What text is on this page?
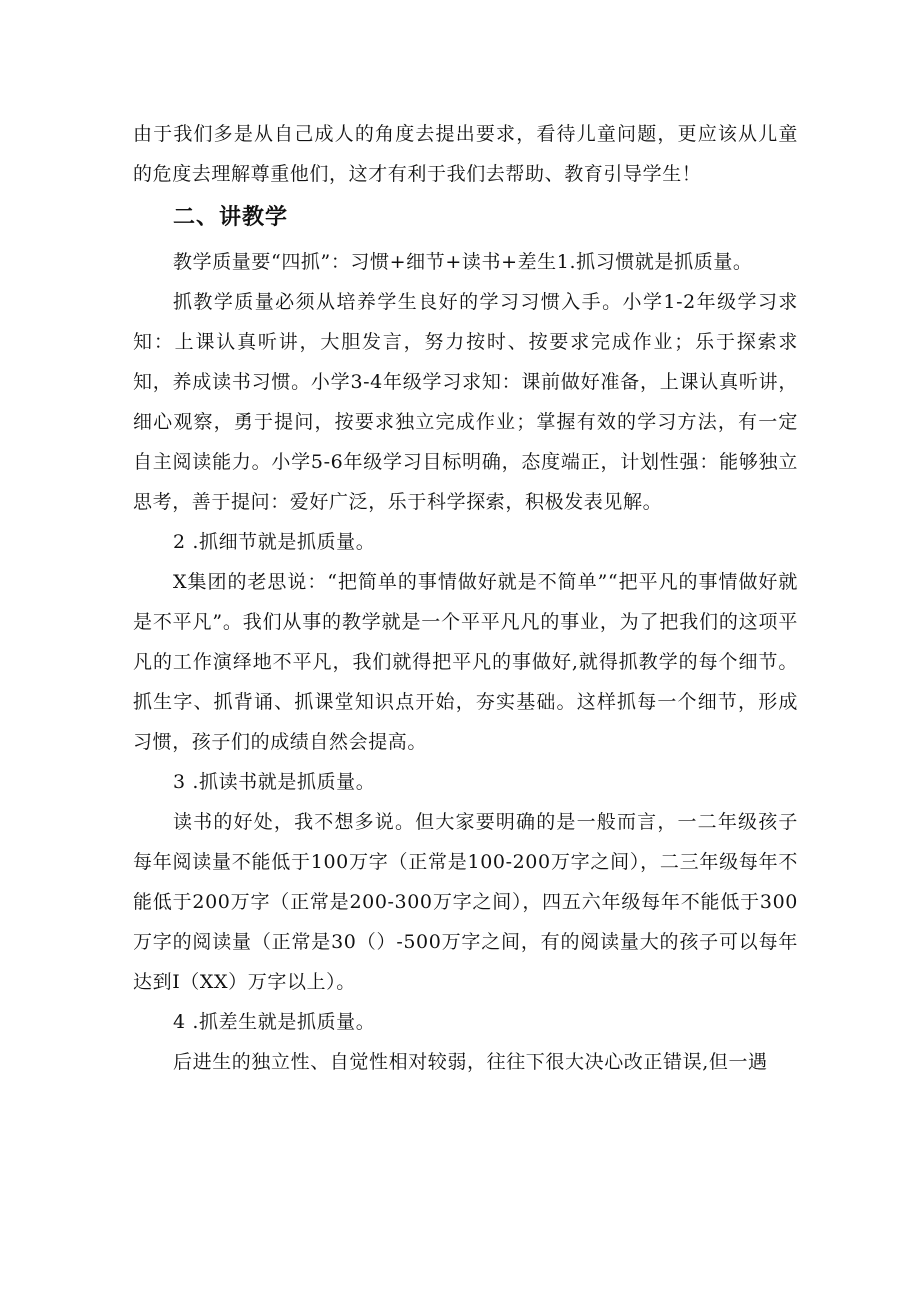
由于我们多是从自己成人的角度去提出要求，看待儿童问题，更应该从儿童的危度去理解尊重他们，这才有利于我们去帮助、教育引导学生！

二、讲教学

教学质量要“四抓”：习惯+细节+读书+差生1.抓习惯就是抓质量。

抓教学质量必须从培养学生良好的学习习惯入手。小学1-2年级学习求知：上课认真听讲，大胆发言，努力按时、按要求完成作业；乐于探索求知，养成读书习惯。小学3-4年级学习求知：课前做好准备，上课认真听讲，细心观察，勇于提问，按要求独立完成作业；掌握有效的学习方法，有一定自主阅读能力。小学5-6年级学习目标明确，态度端正，计划性强：能够独立思考，善于提问：爱好广泛，乐于科学探索，积极发表见解。

2 .抓细节就是抓质量。

X集团的老思说：“把简单的事情做好就是不简单”“把平凡的事情做好就是不平凡”。我们从事的教学就是一个平平凡凡的事业，为了把我们的这项平凡的工作演绎地不平凡，我们就得把平凡的事做好,就得抓教学的每个细节。抓生字、抓背诵、抓课堂知识点开始，夯实基础。这样抓每一个细节，形成习惯，孩子们的成绩自然会提高。

3 .抓读书就是抓质量。

读书的好处，我不想多说。但大家要明确的是一般而言，一二年级孩子每年阅读量不能低于100万字（正常是100-200万字之间），二三年级每年不能低于200万字（正常是200-300万字之间），四五六年级每年不能低于300万字的阅读量（正常是30（）-500万字之间，有的阅读量大的孩子可以每年达到I（XX）万字以上）。

4 .抓差生就是抓质量。

后进生的独立性、自觉性相对较弱，往往下很大决心改正错误,但一遇
